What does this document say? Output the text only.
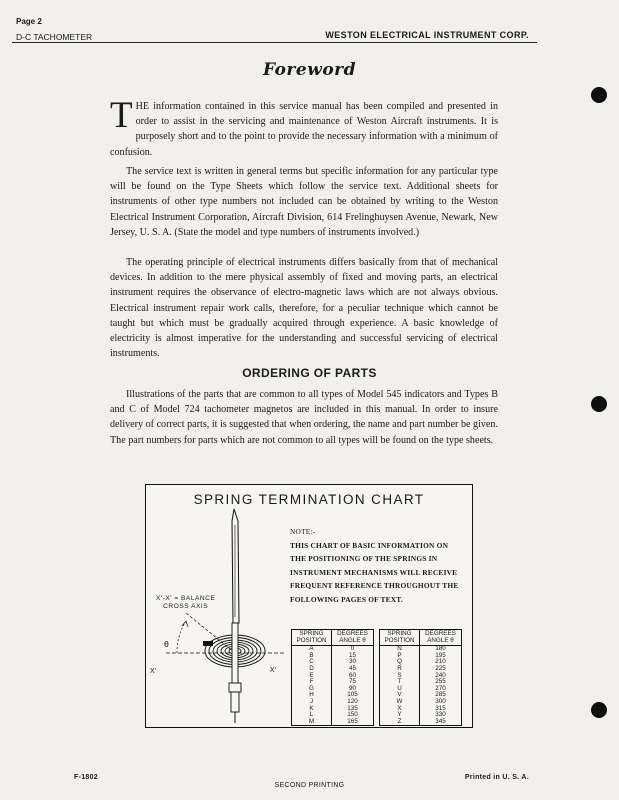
Page 2
D-C TACHOMETER	WESTON ELECTRICAL INSTRUMENT CORP.
Foreword
THE information contained in this service manual has been compiled and presented in order to assist in the servicing and maintenance of Weston Aircraft instruments. It is purposely short and to the point to provide the necessary information with a minimum of confusion.
The service text is written in general terms but specific information for any particular type will be found on the Type Sheets which follow the service text. Additional sheets for instruments of other type numbers not included can be obtained by writing to the Weston Electrical Instrument Corporation, Aircraft Division, 614 Frelinghuysen Avenue, Newark, New Jersey, U. S. A. (State the model and type numbers of instruments involved.)
The operating principle of electrical instruments differs basically from that of mechanical devices. In addition to the mere physical assembly of fixed and moving parts, an electrical instrument requires the observance of electro-magnetic laws which are not always obvious. Electrical instrument repair work calls, therefore, for a peculiar technique which cannot be taught but which must be gradually acquired through experience. A basic knowledge of electricity is almost imperative for the understanding and successful servicing of electrical instruments.
ORDERING OF PARTS
Illustrations of the parts that are common to all types of Model 545 indicators and Types B and C of Model 724 tachometer magnetos are included in this manual. In order to insure delivery of correct parts, it is suggested that when ordering, the name and part number be given. The part numbers for parts which are not common to all types will be found on the type sheets.
SPRING TERMINATION CHART
NOTE:-
THIS CHART OF BASIC INFORMATION ON THE POSITIONING OF THE SPRINGS IN INSTRUMENT MECHANISMS WILL RECEIVE FREQUENT REFERENCE THROUGHOUT THE FOLLOWING PAGES OF TEXT.
X'-X' = BALANCE
CROSS AXIS
X'	X'
θ
SPRING
POSITION	DEGREES
ANGLE θ
A	0
B	15
C	30
D	45
E	60
F	75
G	90
H	105
J	120
K	135
L	150
M	165
SPRING
POSITION	DEGREES
ANGLE θ
N	180
P	195
Q	210
R	225
S	240
T	255
U	270
V	285
W	300
X	315
Y	330
Z	345
F-1802
SECOND PRINTING
Printed in U. S. A.
